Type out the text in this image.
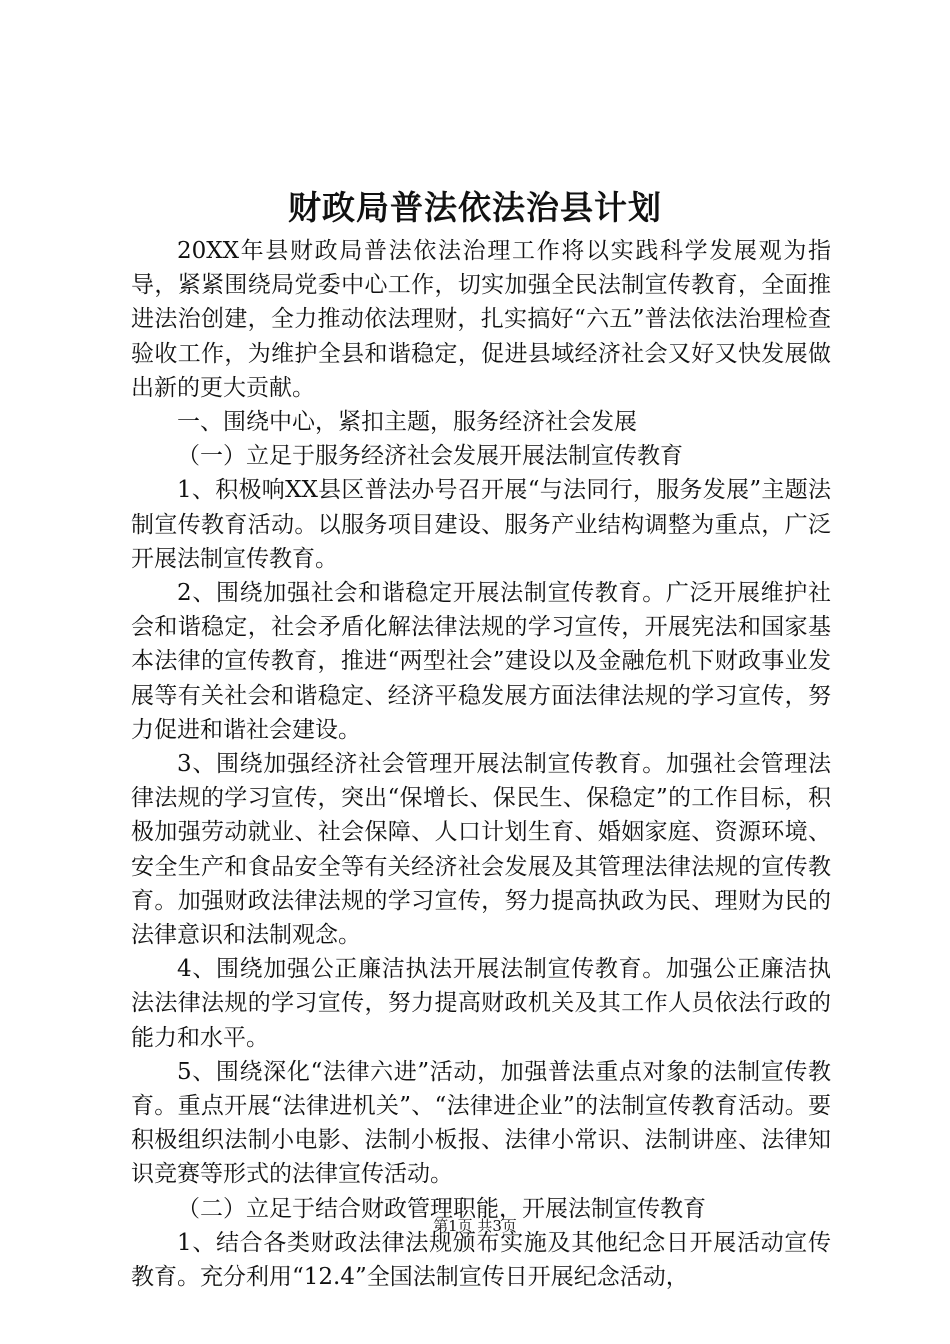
财政局普法依法治县计划

20XX年县财政局普法依法治理工作将以实践科学发展观为指导，紧紧围绕局党委中心工作，切实加强全民法制宣传教育，全面推进法治创建，全力推动依法理财，扎实搞好“六五”普法依法治理检查验收工作，为维护全县和谐稳定，促进县域经济社会又好又快发展做出新的更大贡献。

一、围绕中心，紧扣主题，服务经济社会发展

（一）立足于服务经济社会发展开展法制宣传教育

1、积极响XX县区普法办号召开展“与法同行，服务发展”主题法制宣传教育活动。以服务项目建设、服务产业结构调整为重点，广泛开展法制宣传教育。

2、围绕加强社会和谐稳定开展法制宣传教育。广泛开展维护社会和谐稳定，社会矛盾化解法律法规的学习宣传，开展宪法和国家基本法律的宣传教育，推进“两型社会”建设以及金融危机下财政事业发展等有关社会和谐稳定、经济平稳发展方面法律法规的学习宣传，努力促进和谐社会建设。

3、围绕加强经济社会管理开展法制宣传教育。加强社会管理法律法规的学习宣传，突出“保增长、保民生、保稳定”的工作目标，积极加强劳动就业、社会保障、人口计划生育、婚姻家庭、资源环境、安全生产和食品安全等有关经济社会发展及其管理法律法规的宣传教育。加强财政法律法规的学习宣传，努力提高执政为民、理财为民的法律意识和法制观念。

4、围绕加强公正廉洁执法开展法制宣传教育。加强公正廉洁执法法律法规的学习宣传，努力提高财政机关及其工作人员依法行政的能力和水平。

5、围绕深化“法律六进”活动，加强普法重点对象的法制宣传教育。重点开展“法律进机关”、“法律进企业”的法制宣传教育活动。要积极组织法制小电影、法制小板报、法律小常识、法制讲座、法律知识竞赛等形式的法律宣传活动。

（二）立足于结合财政管理职能，开展法制宣传教育

1、结合各类财政法律法规颁布实施及其他纪念日开展活动宣传教育。充分利用“12.4”全国法制宣传日开展纪念活动，

第1页 共3页
